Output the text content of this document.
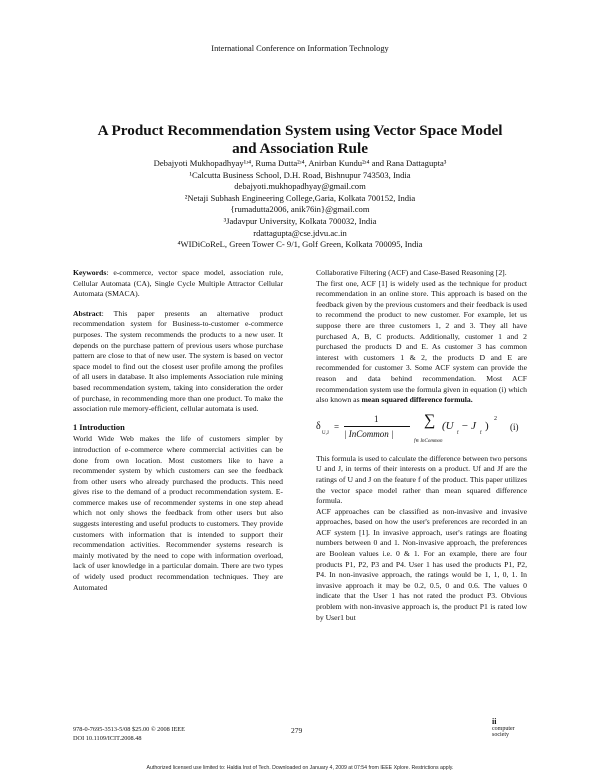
International Conference on Information Technology
A Product Recommendation System using Vector Space Model
and Association Rule
Debajyoti Mukhopadhyay¹ʴ⁴, Ruma Dutta²ʴ⁴, Anirban Kundu²ʴ⁴ and Rana Dattagupta³
¹Calcutta Business School, D.H. Road, Bishnupur 743503, India
debajyoti.mukhopadhyay@gmail.com
²Netaji Subhash Engineering College,Garia, Kolkata 700152, India
{rumadutta2006, anik76in}@gmail.com
³Jadavpur University, Kolkata 700032, India
rdattagupta@cse.jdvu.ac.in
⁴WIDiCoReL, Green Tower C- 9/1, Golf Green, Kolkata 700095, India

Keywords: e-commerce, vector space model, association rule, Cellular Automata (CA), Single Cycle Multiple Attractor Cellular Automata (SMACA).

Abstract: This paper presents an alternative product recommendation system for Business-to-customer e-commerce purposes. The system recommends the products to a new user. It depends on the purchase pattern of previous users whose purchase pattern are close to that of new user. The system is based on vector space model to find out the closest user profile among the profiles of all users in database. It also implements Association rule mining based recommendation system, taking into consideration the order of purchase, in recommending more than one product. To make the association rule memory-efficient, cellular automata is used.

1 Introduction

World Wide Web makes the life of customers simpler by introduction of e-commerce where commercial activities can be done from own location. Most customers like to have a recommender system by which customers can see the feedback from other users who already purchased the products. This need gives rise to the demand of a product recommendation system. E-commerce makes use of recommender systems in one step ahead which not only shows the feedback from other users but also suggests interesting and useful products to customers. They provide customers with information that is intended to support their recommendation activities. Recommender systems research is mainly motivated by the need to cope with information overload, lack of user knowledge in a particular domain. There are two types of widely used product recommendation techniques. They are Automated

Collaborative Filtering (ACF) and Case-Based Reasoning [2].

The first one, ACF [1] is widely used as the technique for product recommendation in an online store. This approach is based on the feedback given by the previous customers and their feedback is used to recommend the product to new customer. For example, let us suppose there are three customers 1, 2 and 3. They all have purchased A, B, C products. Additionally, customer 1 and 2 purchased the products D and E. As customer 3 has common interest with customers 1 & 2, the products D and E are recommended for customer 3. Some ACF system can provide the reason and data behind recommendation. Most ACF recommendation system use the formula given in equation (i) which also known as mean squared difference formula.

δ
U,J
=
1
| InCommon |
∑
f∈ InCommon
(U
f
− J
f
)
2
(i)

This formula is used to calculate the difference between two persons U and J, in terms of their interests on a product. Uf and Jf are the ratings of U and J on the feature f of the product. This paper utilizes the vector space model rather than mean squared difference formula.

ACF approaches can be classified as non-invasive and invasive approaches, based on how the user's preferences are recorded in an ACF system [1]. In invasive approach, user's ratings are floating numbers between 0 and 1. Non-invasive approach, the preferences are Boolean values i.e. 0 & 1. For an example, there are four products P1, P2, P3 and P4. User 1 has used the products P1, P2, P4. In non-invasive approach, the ratings would be 1, 1, 0, 1. In invasive approach it may be 0.2, 0.5, 0 and 0.6. The values 0 indicate that the User 1 has not rated the product P3. Obvious problem with non-invasive approach is, the product P1 is rated low by User1 but

978-0-7695-3513-5/08 $25.00 © 2008 IEEE
DOI 10.1109/ICIT.2008.48
279
ii
computer
society
Authorized licensed use limited to: Haldia Inst of Tech. Downloaded on January 4, 2009 at 07:54 from IEEE Xplore. Restrictions apply.
